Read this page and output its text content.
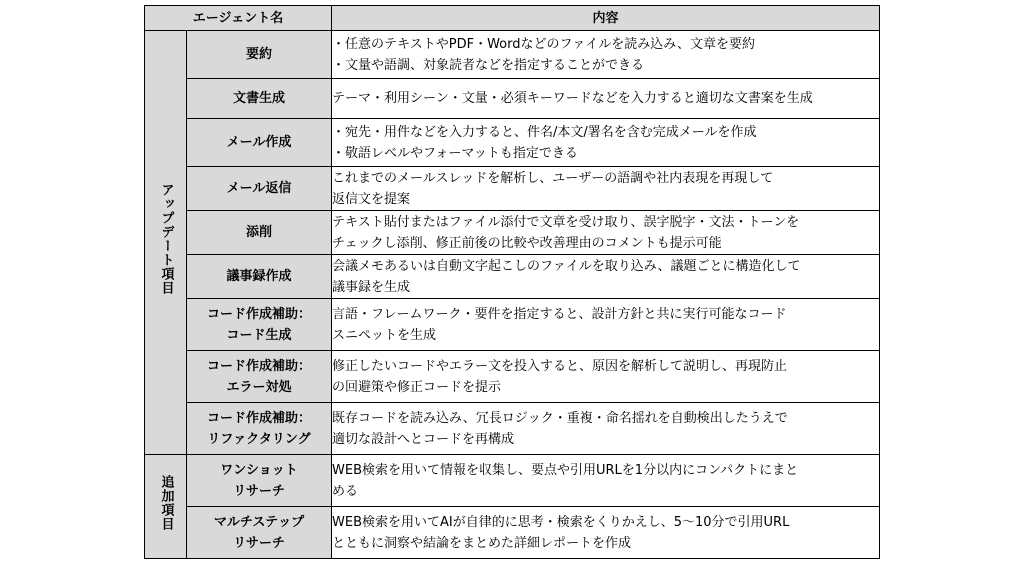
エージェント名		内容
アップデート項目	要約	・任意のテキストやPDF・Wordなどのファイルを読み込み、文章を要約
・文量や語調、対象読者などを指定することができる

	文書生成	テーマ・利用シーン・文量・必須キーワードなどを入力すると適切な文書案を生成

	メール作成	・宛先・用件などを入力すると、件名/本文/署名を含む完成メールを作成
・敬語レベルやフォーマットも指定できる

	メール返信	これまでのメールスレッドを解析し、ユーザーの語調や社内表現を再現して
返信文を提案

	添削	テキスト貼付またはファイル添付で文章を受け取り、誤字脱字・文法・トーンを
チェックし添削、修正前後の比較や改善理由のコメントも提示可能

	議事録作成	会議メモあるいは自動文字起こしのファイルを取り込み、議題ごとに構造化して
議事録を生成

	コード作成補助：
コード生成	言語・フレームワーク・要件を指定すると、設計方針と共に実行可能なコード
スニペットを生成

	コード作成補助：
エラー対処	修正したいコードやエラー文を投入すると、原因を解析して説明し、再現防止
の回避策や修正コードを提示

	コード作成補助：
リファクタリング	既存コードを読み込み、冗長ロジック・重複・命名揺れを自動検出したうえで
適切な設計へとコードを再構成

追加項目	ワンショット
リサーチ	WEB検索を用いて情報を収集し、要点や引用URLを1分以内にコンパクトにまと
める

	マルチステップ
リサーチ	WEB検索を用いてAIが自律的に思考・検索をくりかえし、5〜10分で引用URL
とともに洞察や結論をまとめた詳細レポートを作成
